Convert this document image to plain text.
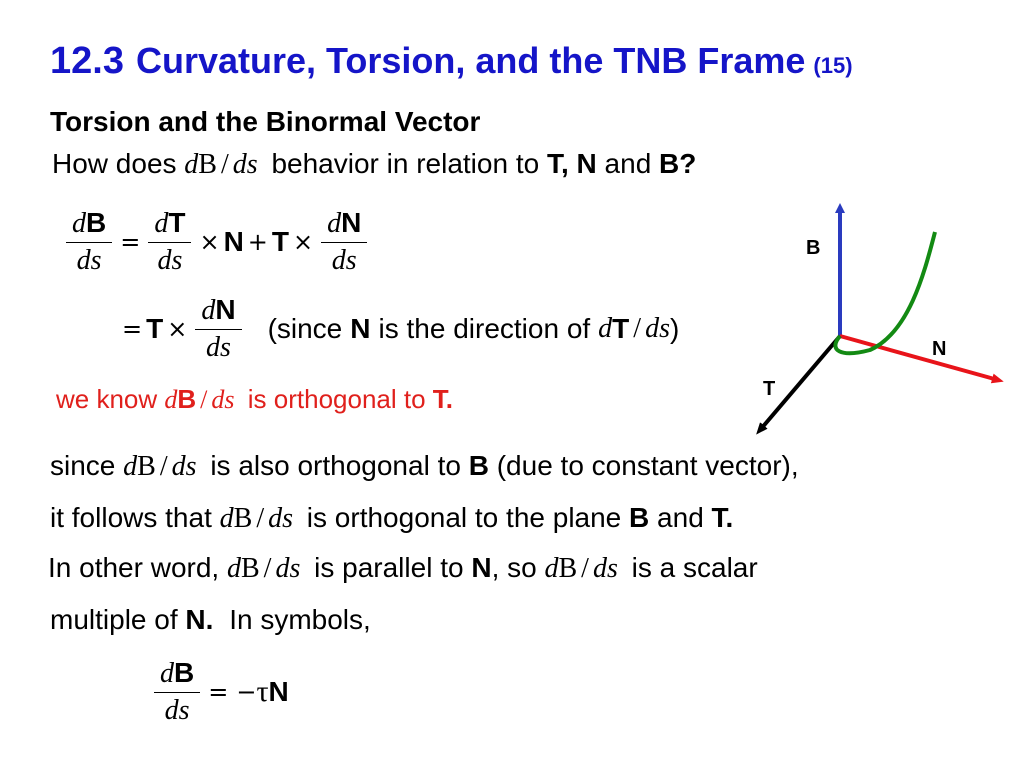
12.3 Curvature, Torsion, and the TNB Frame (15)
Torsion and the Binormal Vector
How does dB / ds behavior in relation to T, N and B?
$\frac{dB}{ds} = \frac{dT}{ds} \times N + T \times \frac{dN}{ds}$
= $T \times \frac{dN}{ds}$ (since N is the direction of d T / ds )
we know dB / ds is orthogonal to T.
since dB / ds is also orthogonal to B (due to constant vector),
it follows that dB / ds is orthogonal to the plane B and T.
In other word, dB / ds is parallel to N, so dB / ds is a scalar
multiple of N. In symbols,
$\frac{dB}{ds}$ = − τ N
B
N
T
